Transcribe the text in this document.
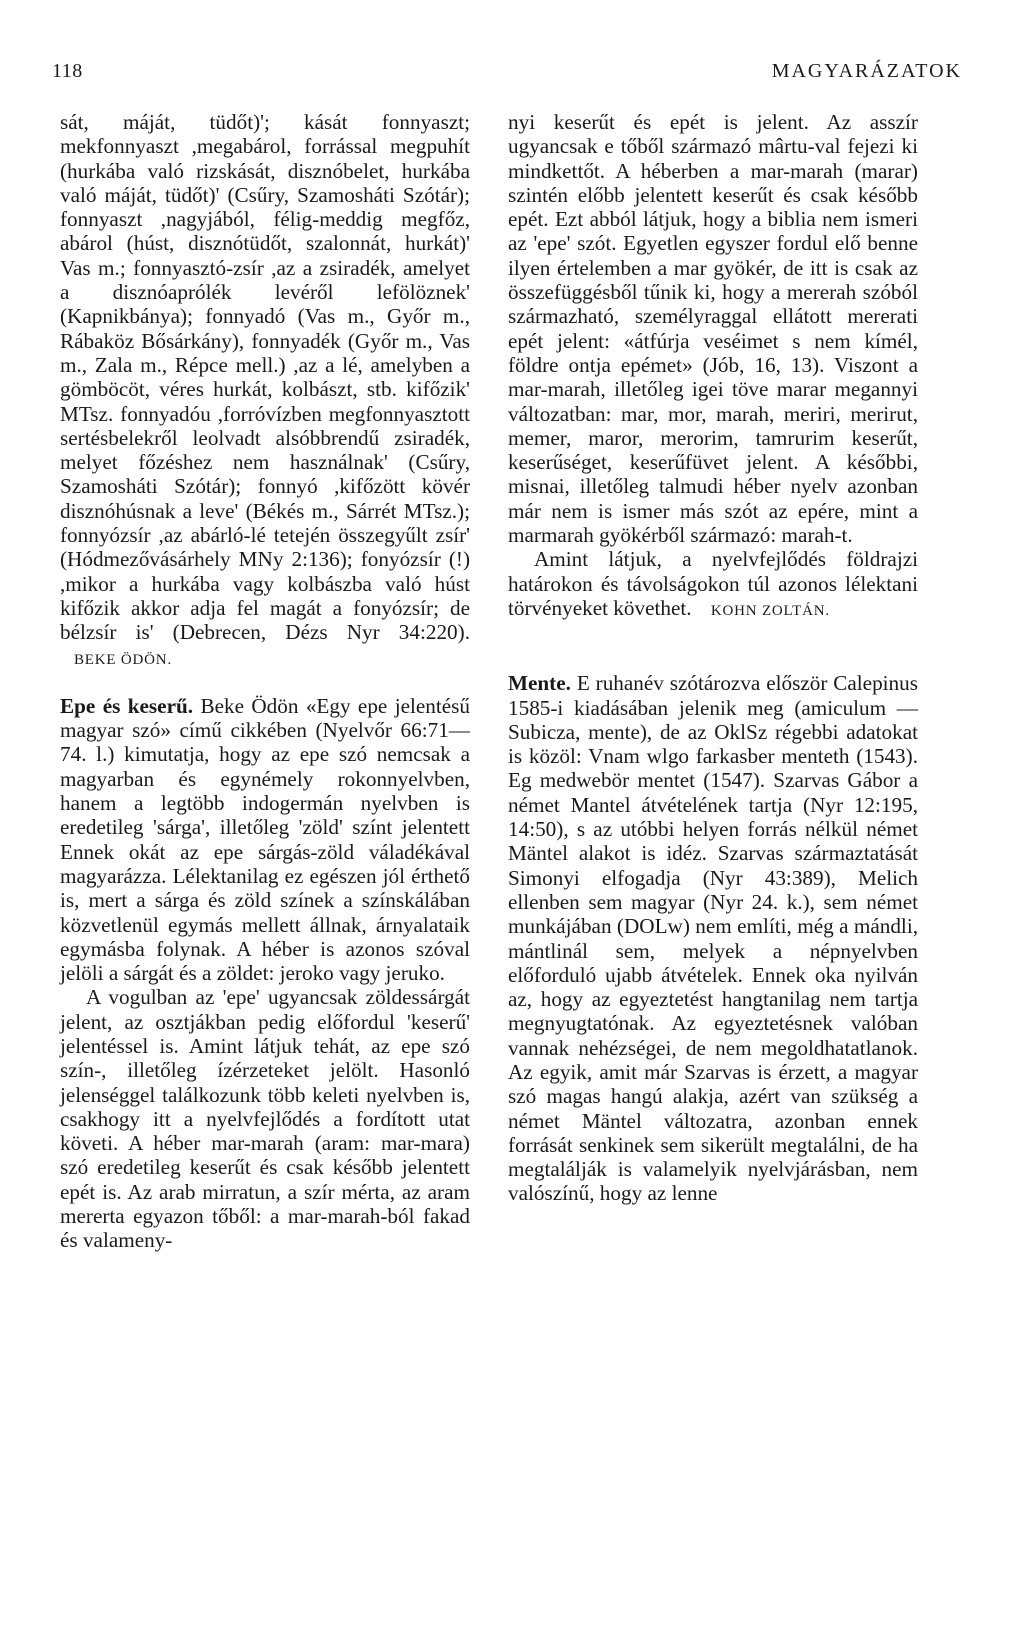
118	MAGYARÁZATOK

sát, máját, tüdőt)'; kását fonnyaszt; mekfonnyaszt ,megabárol, forrással megpuhít (hurkába való rizskását, disznóbelet, hurkába való máját, tüdőt)' (Csűry, Szamosháti Szótár); fonnyaszt ,nagyjából, félig-meddig megfőz, abárol (húst, disznótüdőt, szalonnát, hurkát)' Vas m.; fonnyasztó-zsír ,az a zsiradék, amelyet a disznóaprólék levéről lefölöznek' (Kapnikbánya); fonnyadó (Vas m., Győr m., Rábaköz Bősárkány), fonnyadék (Győr m., Vas m., Zala m., Répce mell.) ,az a lé, amelyben a gömböcöt, véres hurkát, kolbászt, stb. kifőzik' MTsz. fonnyadóu ,forróvízben megfonnyasztott sertésbelekről leolvadt alsóbbrendű zsiradék, melyet főzéshez nem használnak' (Csűry, Szamosháti Szótár); fonnyó ,kifőzött kövér disznóhúsnak a leve' (Békés m., Sárrét MTsz.); fonnyózsír ,az abárló-lé tetején összegyűlt zsír' (Hódmezővásárhely MNy 2:136); fonyózsír (!) ,mikor a hurkába vagy kolbászba való húst kifőzik akkor adja fel magát a fonyózsír; de bélzsír is' (Debrecen, Dézs Nyr 34:220). BEKE ÖDÖN.

Epe és keserű. Beke Ödön «Egy epe jelentésű magyar szó» című cikkében (Nyelvőr 66:71—74. l.) kimutatja, hogy az epe szó nemcsak a magyarban és egynémely rokonnyelvben, hanem a legtöbb indogermán nyelvben is eredetileg 'sárga', illetőleg 'zöld' színt jelentett Ennek okát az epe sárgás-zöld váladékával magyarázza. Lélektanilag ez egészen jól érthető is, mert a sárga és zöld színek a színskálában közvetlenül egymás mellett állnak, árnyalataik egymásba folynak. A héber is azonos szóval jelöli a sárgát és a zöldet: jeroko vagy jeruko.

A vogulban az 'epe' ugyancsak zöldessárgát jelent, az osztjákban pedig előfordul 'keserű' jelentéssel is. Amint látjuk tehát, az epe szó szín-, illetőleg ízérzeteket jelölt. Hasonló jelenséggel találkozunk több keleti nyelvben is, csakhogy itt a nyelvfejlődés a fordított utat követi. A héber mar-marah (aram: mar-mara) szó eredetileg keserűt és csak később jelentett epét is. Az arab mirratun, a szír mérta, az aram mererta egyazon tőből: a mar-marah-ból fakad és valameny-

nyi keserűt és epét is jelent. Az asszír ugyancsak e tőből származó mârtu-val fejezi ki mindkettőt. A héberben a mar-marah (marar) szintén előbb jelentett keserűt és csak később epét. Ezt abból látjuk, hogy a biblia nem ismeri az 'epe' szót. Egyetlen egyszer fordul elő benne ilyen értelemben a mar gyökér, de itt is csak az összefüggésből tűnik ki, hogy a mererah szóból származható, személyraggal ellátott mererati epét jelent: «átfúrja veséimet s nem kímél, földre ontja epémet» (Jób, 16, 13). Viszont a mar-marah, illetőleg igei töve marar megannyi változatban: mar, mor, marah, meriri, merirut, memer, maror, merorim, tamrurim keserűt, keserűséget, keserűfüvet jelent. A későbbi, misnai, illetőleg talmudi héber nyelv azonban már nem is ismer más szót az epére, mint a marmarah gyökérből származó: marah-t.

Amint látjuk, a nyelvfejlődés földrajzi határokon és távolságokon túl azonos lélektani törvényeket követhet. KOHN ZOLTÁN.

Mente. E ruhanév szótározva először Calepinus 1585-i kiadásában jelenik meg (amiculum — Subicza, mente), de az OklSz régebbi adatokat is közöl: Vnam wlgo farkasber menteth (1543). Eg medwebör mentet (1547). Szarvas Gábor a német Mantel átvételének tartja (Nyr 12:195, 14:50), s az utóbbi helyen forrás nélkül német Mäntel alakot is idéz. Szarvas származtatását Simonyi elfogadja (Nyr 43:389), Melich ellenben sem magyar (Nyr 24. k.), sem német munkájában (DOLw) nem említi, még a mándli, mántlinál sem, melyek a népnyelvben előforduló ujabb átvételek. Ennek oka nyilván az, hogy az egyeztetést hangtanilag nem tartja megnyugtatónak. Az egyeztetésnek valóban vannak nehézségei, de nem megoldhatatlanok. Az egyik, amit már Szarvas is érzett, a magyar szó magas hangú alakja, azért van szükség a német Mäntel változatra, azonban ennek forrását senkinek sem sikerült megtalálni, de ha megtalálják is valamelyik nyelvjárásban, nem valószínű, hogy az lenne
